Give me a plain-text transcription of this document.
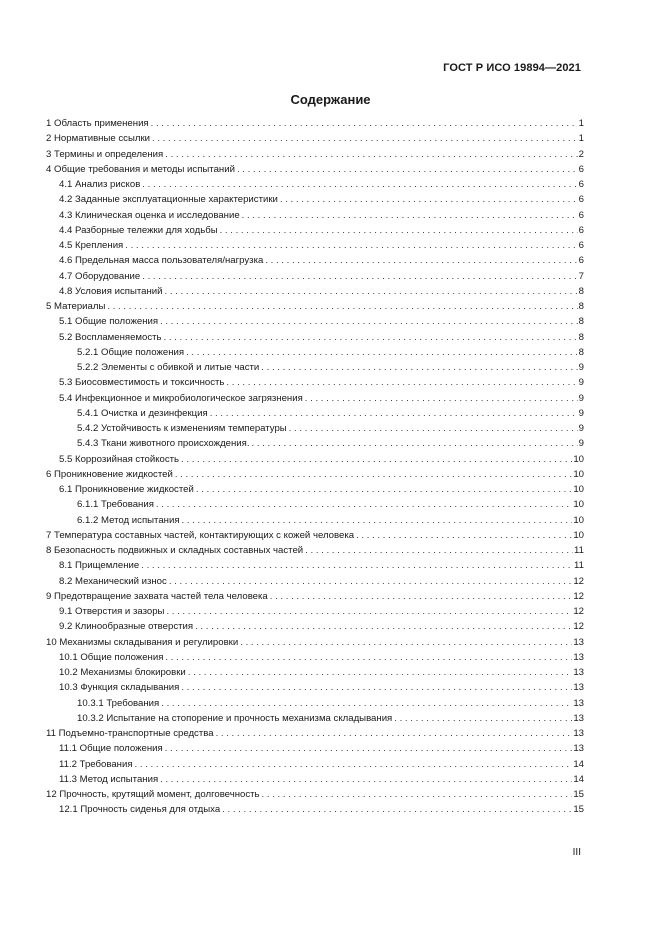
ГОСТ Р ИСО 19894—2021
Содержание
1 Область применения . . .	1
2 Нормативные ссылки . . .	1
3 Термины и определения . . .	2
4 Общие требования и методы испытаний . . .	6
4.1 Анализ рисков . . .	6
4.2 Заданные эксплуатационные характеристики . . .	6
4.3 Клиническая оценка и исследование . . .	6
4.4 Разборные тележки для ходьбы . . .	6
4.5 Крепления . . .	6
4.6 Предельная масса пользователя/нагрузка . . .	6
4.7 Оборудование . . .	7
4.8 Условия испытаний . . .	8
5 Материалы . . .	8
5.1 Общие положения . . .	8
5.2 Воспламеняемость . . .	8
5.2.1 Общие положения . . .	8
5.2.2 Элементы с обивкой и литые части . . .	9
5.3 Биосовместимость и токсичность . . .	9
5.4 Инфекционное и микробиологическое загрязнения . . .	9
5.4.1 Очистка и дезинфекция . . .	9
5.4.2 Устойчивость к изменениям температуры . . .	9
5.4.3 Ткани животного происхождения. . . .	9
5.5 Коррозийная стойкость . . .	10
6 Проникновение жидкостей . . .	10
6.1 Проникновение жидкостей . . .	10
6.1.1 Требования . . .	10
6.1.2 Метод испытания . . .	10
7 Температура составных частей, контактирующих с кожей человека . . .	10
8 Безопасность подвижных и складных составных частей . . .	11
8.1 Прищемление . . .	11
8.2 Механический износ . . .	12
9 Предотвращение захвата частей тела человека . . .	12
9.1 Отверстия и зазоры . . .	12
9.2 Клинообразные отверстия . . .	12
10 Механизмы складывания и регулировки . . .	13
10.1 Общие положения . . .	13
10.2 Механизмы блокировки . . .	13
10.3 Функция складывания . . .	13
10.3.1 Требования . . .	13
10.3.2 Испытание на стопорение и прочность механизма складывания . . .	13
11 Подъемно-транспортные средства . . .	13
11.1 Общие положения . . .	13
11.2 Требования . . .	14
11.3 Метод испытания . . .	14
12 Прочность, крутящий момент, долговечность . . .	15
12.1 Прочность сиденья для отдыха . . .	15
III
